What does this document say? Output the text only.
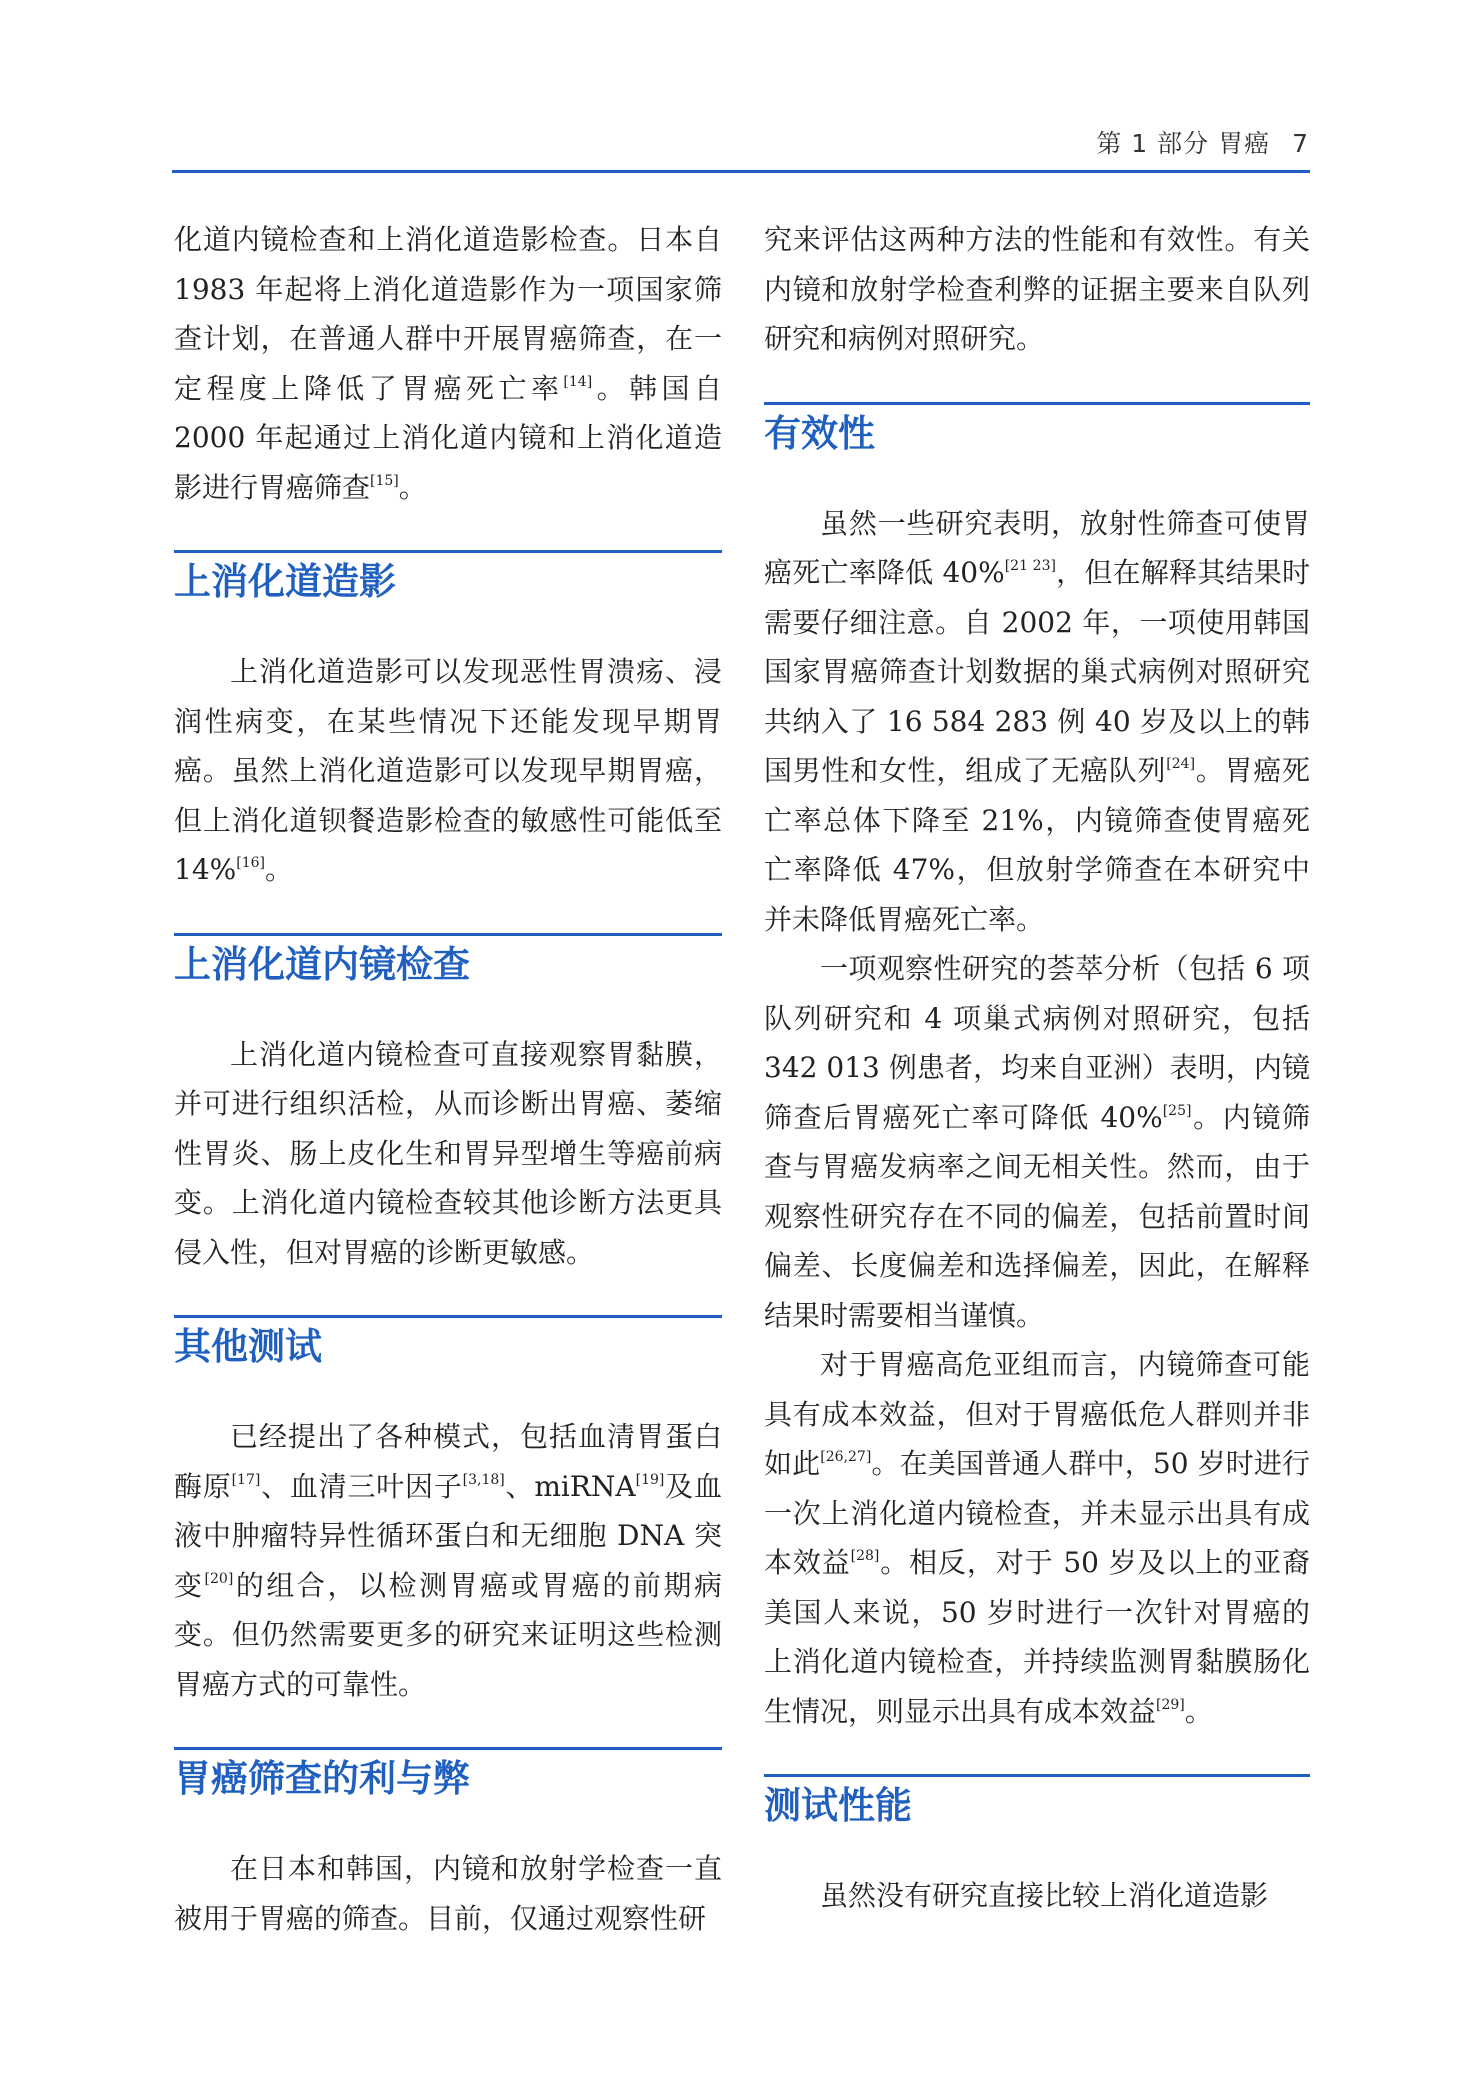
第 1 部分 胃癌 7

化道内镜检查和上消化道造影检查。日本自1983 年起将上消化道造影作为一项国家筛查计划，在普通人群中开展胃癌筛查，在一定程度上降低了胃癌死亡率[14]。韩国自 2000 年起通过上消化道内镜和上消化道造影进行胃癌筛查[15]。

上消化道造影

上消化道造影可以发现恶性胃溃疡、浸润性病变，在某些情况下还能发现早期胃癌。虽然上消化道造影可以发现早期胃癌，但上消化道钡餐造影检查的敏感性可能低至 14%[16]。

上消化道内镜检查

上消化道内镜检查可直接观察胃黏膜，并可进行组织活检，从而诊断出胃癌、萎缩性胃炎、肠上皮化生和胃异型增生等癌前病变。上消化道内镜检查较其他诊断方法更具侵入性，但对胃癌的诊断更敏感。

其他测试

已经提出了各种模式，包括血清胃蛋白酶原[17]、血清三叶因子[3,18]、miRNA[19]及血液中肿瘤特异性循环蛋白和无细胞 DNA 突变[20]的组合，以检测胃癌或胃癌的前期病变。但仍然需要更多的研究来证明这些检测胃癌方式的可靠性。

胃癌筛查的利与弊

在日本和韩国，内镜和放射学检查一直被用于胃癌的筛查。目前，仅通过观察性研

究来评估这两种方法的性能和有效性。有关内镜和放射学检查利弊的证据主要来自队列研究和病例对照研究。

有效性

虽然一些研究表明，放射性筛查可使胃癌死亡率降低 40%[21 23]，但在解释其结果时需要仔细注意。自 2002 年，一项使用韩国国家胃癌筛查计划数据的巢式病例对照研究共纳入了 16 584 283 例 40 岁及以上的韩国男性和女性，组成了无癌队列[24]。胃癌死亡率总体下降至 21%，内镜筛查使胃癌死亡率降低 47%，但放射学筛查在本研究中并未降低胃癌死亡率。

一项观察性研究的荟萃分析（包括 6 项队列研究和 4 项巢式病例对照研究，包括 342 013 例患者，均来自亚洲）表明，内镜筛查后胃癌死亡率可降低 40%[25]。内镜筛查与胃癌发病率之间无相关性。然而，由于观察性研究存在不同的偏差，包括前置时间偏差、长度偏差和选择偏差，因此，在解释结果时需要相当谨慎。

对于胃癌高危亚组而言，内镜筛查可能具有成本效益，但对于胃癌低危人群则并非如此[26,27]。在美国普通人群中，50 岁时进行一次上消化道内镜检查，并未显示出具有成本效益[28]。相反，对于 50 岁及以上的亚裔美国人来说，50 岁时进行一次针对胃癌的上消化道内镜检查，并持续监测胃黏膜肠化生情况，则显示出具有成本效益[29]。

测试性能

虽然没有研究直接比较上消化道造影
